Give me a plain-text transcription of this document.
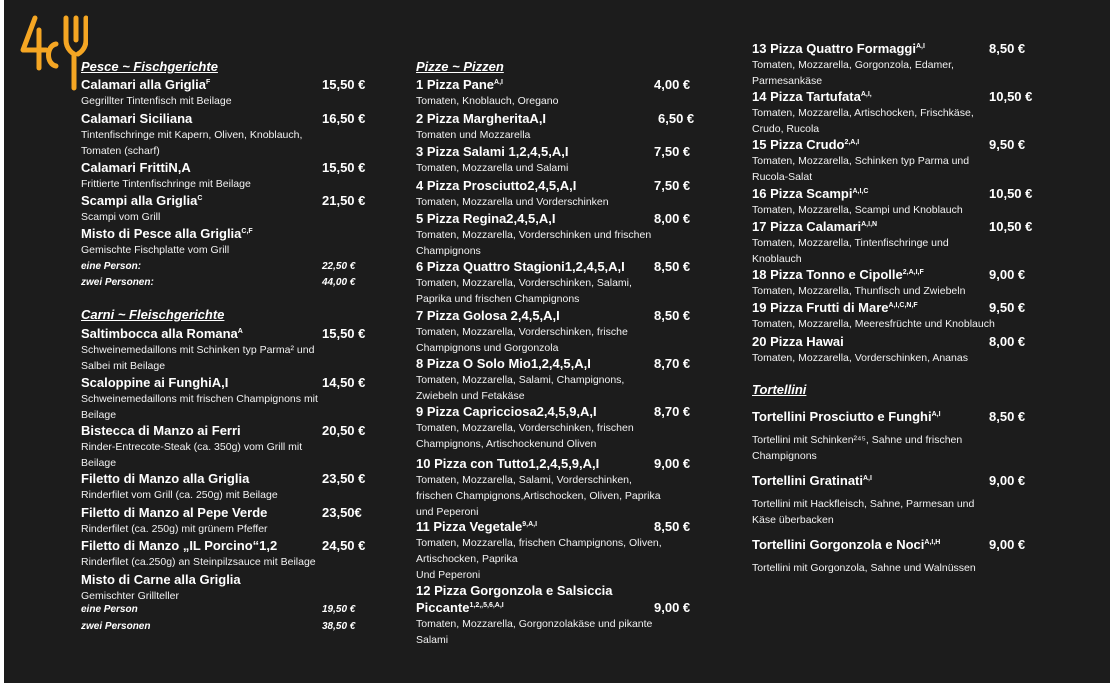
Pesce ~ Fischgerichte
Calamari alla Griglia$^F$	15,50 €
Gegrillter Tintenfisch mit Beilage
Calamari Siciliana	16,50 €
Tintenfischringe mit Kapern, Oliven, Knoblauch,
Tomaten (scharf)
Calamari FrittiN,A	15,50 €
Frittierte Tintenfischringe mit Beilage
Scampi alla Griglia$^C$	21,50 €
Scampi vom Grill
Misto di Pesce alla Griglia$^{C,F}$
Gemischte Fischplatte vom Grill
eine Person:	22,50 €
zwei Personen:	44,00 €
Carni ~ Fleischgerichte
Saltimbocca alla Romana$^A$	15,50 €
Schweinemedaillons mit Schinken typ Parma² und
Salbei mit Beilage
Scaloppine ai FunghiA,I	14,50 €
Schweinemedaillons mit frischen Champignons mit
Beilage
Bistecca di Manzo ai Ferri	20,50 €
Rinder-Entrecote-Steak (ca. 350g) vom Grill mit
Beilage
Filetto di Manzo alla Griglia	23,50 €
Rinderfilet vom Grill (ca. 250g) mit Beilage
Filetto di Manzo al Pepe Verde	23,50€
Rinderfilet (ca. 250g) mit grünem Pfeffer
Filetto di Manzo „IL Porcino“1,2	24,50 €
Rinderfilet (ca.250g) an Steinpilzsauce mit Beilage
Misto di Carne alla Griglia
Gemischter Grillteller
eine Person	19,50 €
zwei Personen	38,50 €
Pizze ~ Pizzen
1 Pizza Pane$^{A,I}$	4,00 €
Tomaten, Knoblauch, Oregano
2 Pizza MargheritaA,I	6,50 €
Tomaten und Mozzarella
3 Pizza Salami 1,2,4,5,A,I	7,50 €
Tomaten, Mozzarella und Salami
4 Pizza Prosciutto2,4,5,A,I	7,50 €
Tomaten, Mozzarella und Vorderschinken
5 Pizza Regina2,4,5,A,I	8,00 €
Tomaten, Mozzarella, Vorderschinken und frischen
Champignons
6 Pizza Quattro Stagioni1,2,4,5,A,I 8,50 €
Tomaten, Mozzarella, Vorderschinken, Salami,
Paprika und frischen Champignons
7 Pizza Golosa 2,4,5,A,I	8,50 €
Tomaten, Mozzarella, Vorderschinken, frische
Champignons und Gorgonzola
8 Pizza O Solo Mio1,2,4,5,A,I	8,70 €
Tomaten, Mozzarella, Salami, Champignons,
Zwiebeln und Fetakäse
9 Pizza Capricciosa2,4,5,9,A,I	8,70 €
Tomaten, Mozzarella, Vorderschinken, frischen
Champignons, Artischockenund Oliven
10 Pizza con Tutto1,2,4,5,9,A,I	9,00 €
Tomaten, Mozzarella, Salami, Vorderschinken,
frischen Champignons,Artischocken, Oliven, Paprika
und Peperoni
11 Pizza Vegetale$^{9,A,I}$	8,50 €
Tomaten, Mozzarella, frischen Champignons, Oliven,
Artischocken, Paprika
Und Peperoni
12 Pizza Gorgonzola e Salsiccia
Piccante$^{1,2,,5,6,A,I}$	9,00 €
Tomaten, Mozzarella, Gorgonzolakäse und pikante
Salami
13 Pizza Quattro Formaggi$^{A,I}$	8,50 €
Tomaten, Mozzarella, Gorgonzola, Edamer,
Parmesankäse
14 Pizza Tartufata$^{A,I,}$	10,50 €
Tomaten, Mozzarella, Artischocken, Frischkäse,
Crudo, Rucola
15 Pizza Crudo$^{2,A,I}$	9,50 €
Tomaten, Mozzarella, Schinken typ Parma und
Rucola-Salat
16 Pizza Scampi$^{A,I,C}$	10,50 €
Tomaten, Mozzarella, Scampi und Knoblauch
17 Pizza Calamari$^{A,I,N}$	10,50 €
Tomaten, Mozzarella, Tintenfischringe und
Knoblauch
18 Pizza Tonno e Cipolle$^{2,A,I,F}$	9,00 €
Tomaten, Mozzarella, Thunfisch und Zwiebeln
19 Pizza Frutti di Mare$^{A,I,C,N,F}$	9,50 €
Tomaten, Mozzarella, Meeresfrüchte und Knoblauch
20 Pizza Hawai	8,00 €
Tomaten, Mozzarella, Vorderschinken, Ananas
Tortellini
Tortellini Prosciutto e Funghi$^{A,I}$	8,50 €
Tortellini mit Schinken²⁴⁵, Sahne und frischen
Champignons
Tortellini Gratinati$^{A,I}$	9,00 €
Tortellini mit Hackfleisch, Sahne, Parmesan und
Käse überbacken
Tortellini Gorgonzola e Noci$^{A,I,H}$	9,00 €
Tortellini mit Gorgonzola, Sahne und Walnüssen
